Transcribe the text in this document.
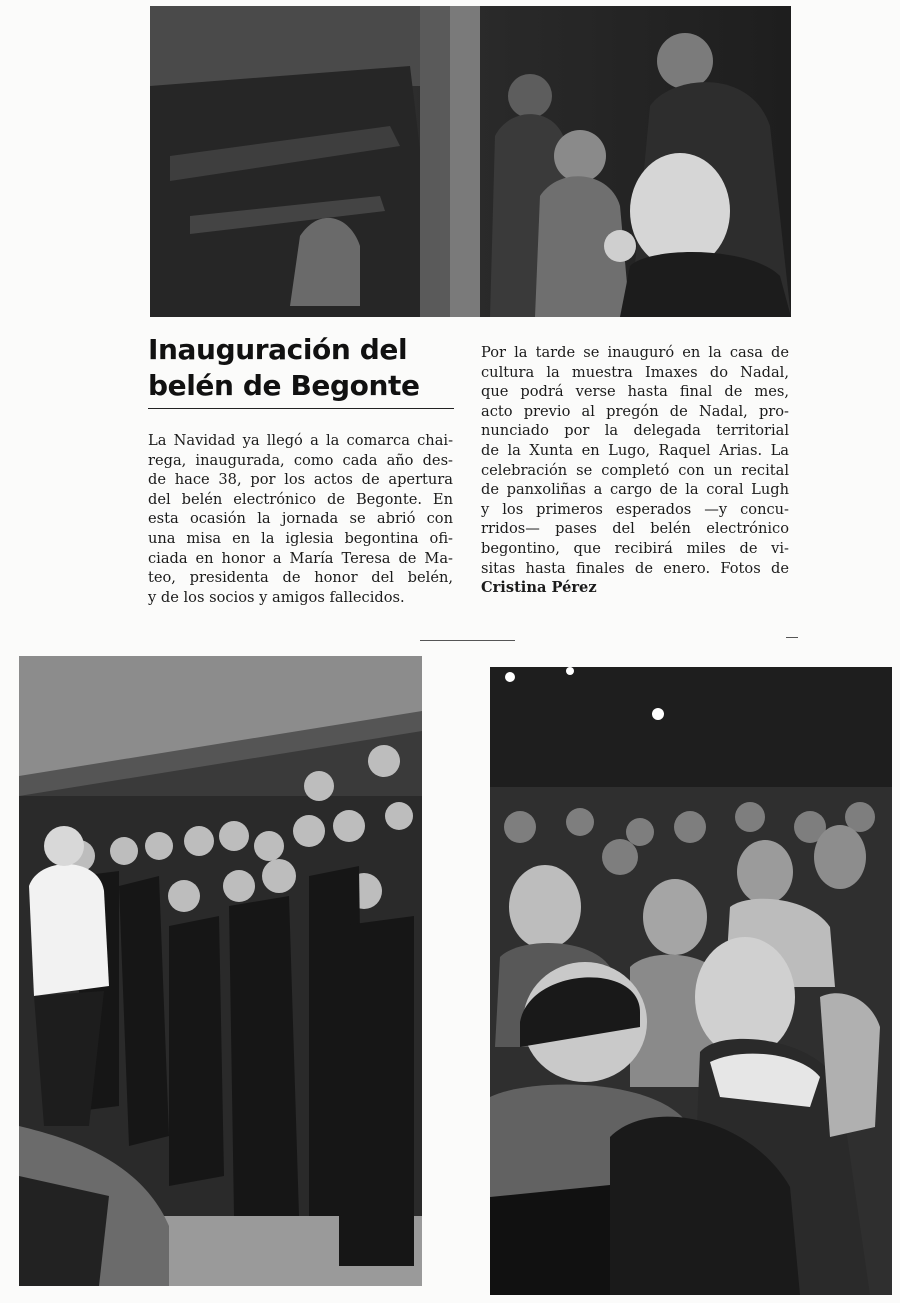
Inauguración del
belén de Begonte

La Navidad ya llegó a la comarca chai-
rega, inaugurada, como cada año des-
de hace 38, por los actos de apertura
del belén electrónico de Begonte. En
esta ocasión la jornada se abrió con
una misa en la iglesia begontina ofi-
ciada en honor a María Teresa de Ma-
teo, presidenta de honor del belén,
y de los socios y amigos fallecidos.

Por la tarde se inauguró en la casa de
cultura la muestra Imaxes do Nadal,
que podrá verse hasta final de mes,
acto previo al pregón de Nadal, pro-
nunciado por la delegada territorial
de la Xunta en Lugo, Raquel Arias. La
celebración se completó con un recital
de panxoliñas a cargo de la coral Lugh
y los primeros esperados —y concu-
rridos— pases del belén electrónico
begontino, que recibirá miles de vi-
sitas hasta finales de enero. Fotos de
Cristina Pérez
